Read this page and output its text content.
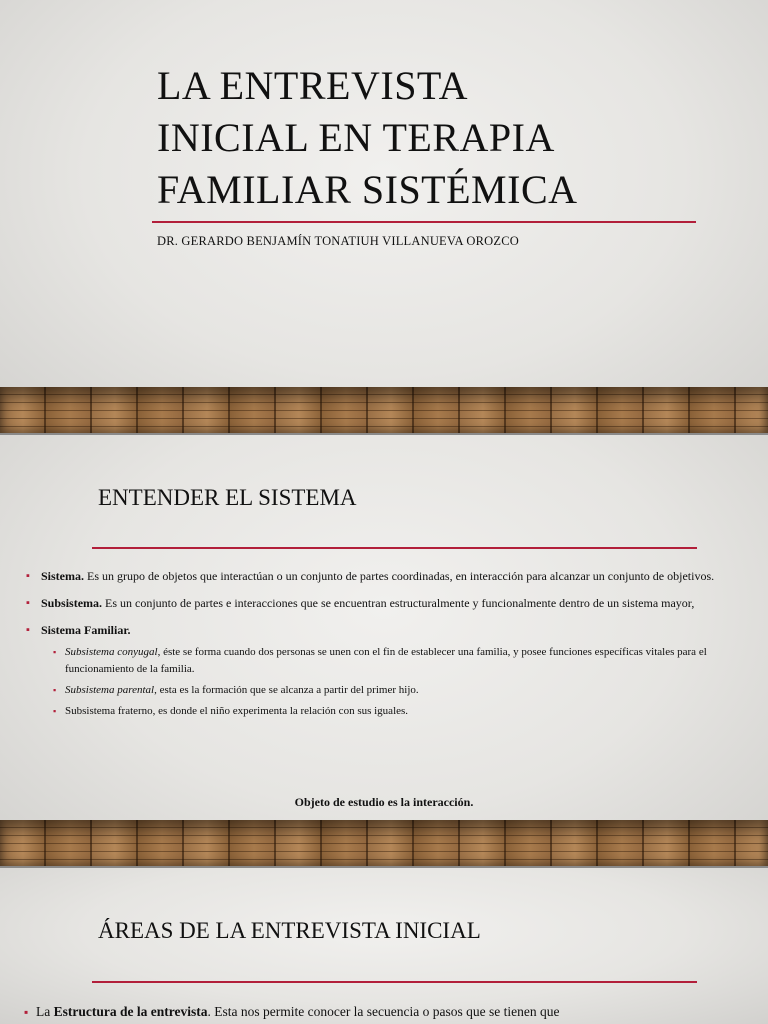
LA ENTREVISTA
INICIAL EN TERAPIA
FAMILIAR SISTÉMICA

DR. GERARDO BENJAMÍN TONATIUH VILLANUEVA OROZCO

ENTENDER EL SISTEMA
▪ Sistema. Es un grupo de objetos que interactúan o un conjunto de partes coordinadas, en interacción para alcanzar un conjunto de objetivos.
▪ Subsistema. Es un conjunto de partes e interacciones que se encuentran estructuralmente y funcionalmente dentro de un sistema mayor,
▪ Sistema Familiar.
▪ Subsistema conyugal, éste se forma cuando dos personas se unen con el fin de establecer una familia, y posee funciones específicas vitales para el funcionamiento de la familia.
▪ Subsistema parental, esta es la formación que se alcanza a partir del primer hijo.
▪ Subsistema fraterno, es donde el niño experimenta la relación con sus iguales.
Objeto de estudio es la interacción.
ÁREAS DE LA ENTREVISTA INICIAL
▪ La Estructura de la entrevista. Esta nos permite conocer la secuencia o pasos que se tienen que
